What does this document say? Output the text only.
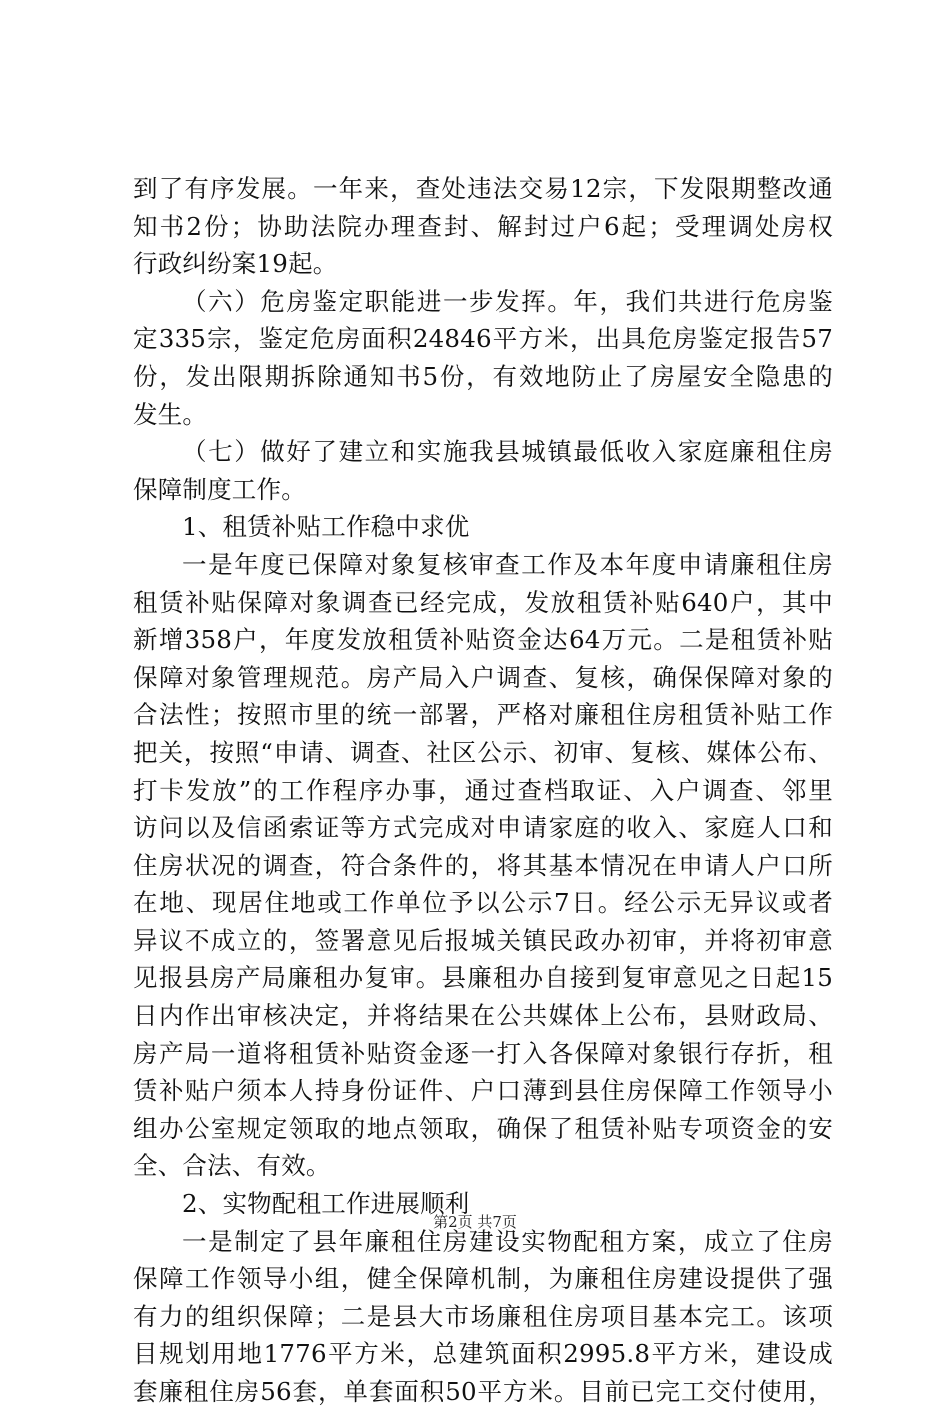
到了有序发展。一年来，查处违法交易12宗，下发限期整改通
知书2份；协助法院办理查封、解封过户6起；受理调处房权
行政纠纷案19起。
（六）危房鉴定职能进一步发挥。年，我们共进行危房鉴
定335宗，鉴定危房面积24846平方米，出具危房鉴定报告57
份，发出限期拆除通知书5份，有效地防止了房屋安全隐患的
发生。
（七）做好了建立和实施我县城镇最低收入家庭廉租住房
保障制度工作。
1、租赁补贴工作稳中求优
一是年度已保障对象复核审查工作及本年度申请廉租住房
租赁补贴保障对象调查已经完成，发放租赁补贴640户，其中
新增358户，年度发放租赁补贴资金达64万元。二是租赁补贴
保障对象管理规范。房产局入户调查、复核，确保保障对象的
合法性；按照市里的统一部署，严格对廉租住房租赁补贴工作
把关，按照“申请、调查、社区公示、初审、复核、媒体公布、
打卡发放”的工作程序办事，通过查档取证、入户调查、邻里
访问以及信函索证等方式完成对申请家庭的收入、家庭人口和
住房状况的调查，符合条件的，将其基本情况在申请人户口所
在地、现居住地或工作单位予以公示7日。经公示无异议或者
异议不成立的，签署意见后报城关镇民政办初审，并将初审意
见报县房产局廉租办复审。县廉租办自接到复审意见之日起15
日内作出审核决定，并将结果在公共媒体上公布，县财政局、
房产局一道将租赁补贴资金逐一打入各保障对象银行存折，租
赁补贴户须本人持身份证件、户口薄到县住房保障工作领导小
组办公室规定领取的地点领取，确保了租赁补贴专项资金的安
全、合法、有效。
2、实物配租工作进展顺利
一是制定了县年廉租住房建设实物配租方案，成立了住房
保障工作领导小组，健全保障机制，为廉租住房建设提供了强
有力的组织保障；二是县大市场廉租住房项目基本完工。该项
目规划用地1776平方米，总建筑面积2995.8平方米，建设成
套廉租住房56套，单套面积50平方米。目前已完工交付使用，
第2页 共7页
